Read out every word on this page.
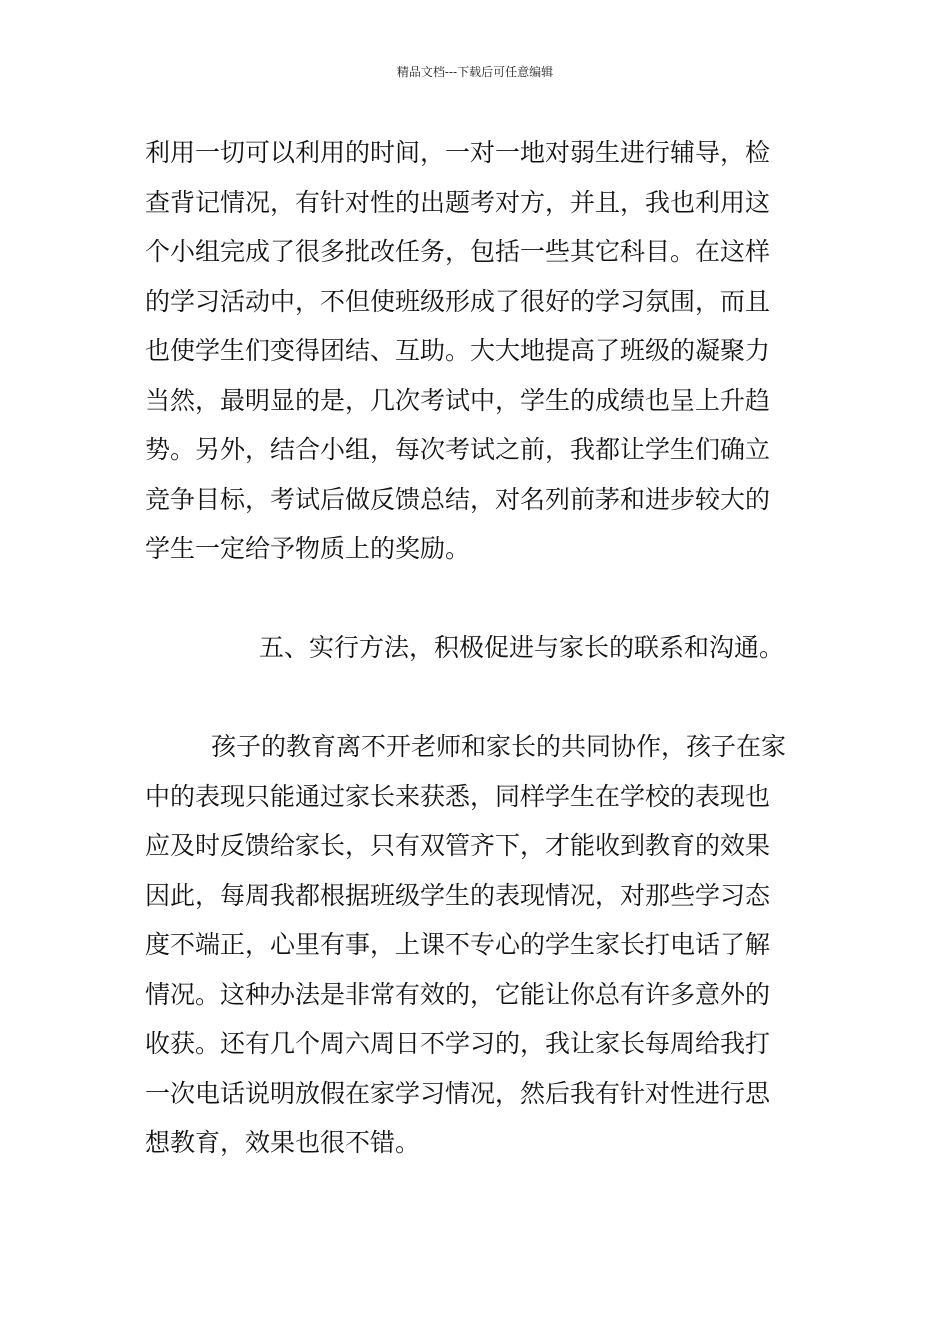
精品文档---下载后可任意编辑
利用一切可以利用的时间，一对一地对弱生进行辅导，检
查背记情况，有针对性的出题考对方，并且，我也利用这
个小组完成了很多批改任务，包括一些其它科目。在这样
的学习活动中，不但使班级形成了很好的学习氛围，而且
也使学生们变得团结、互助。大大地提高了班级的凝聚力
当然，最明显的是，几次考试中，学生的成绩也呈上升趋
势。另外，结合小组，每次考试之前，我都让学生们确立
竞争目标，考试后做反馈总结，对名列前茅和进步较大的
学生一定给予物质上的奖励。
五、实行方法，积极促进与家长的联系和沟通。
孩子的教育离不开老师和家长的共同协作，孩子在家
中的表现只能通过家长来获悉，同样学生在学校的表现也
应及时反馈给家长，只有双管齐下，才能收到教育的效果
因此，每周我都根据班级学生的表现情况，对那些学习态
度不端正，心里有事，上课不专心的学生家长打电话了解
情况。这种办法是非常有效的，它能让你总有许多意外的
收获。还有几个周六周日不学习的，我让家长每周给我打
一次电话说明放假在家学习情况，然后我有针对性进行思
想教育，效果也很不错。
